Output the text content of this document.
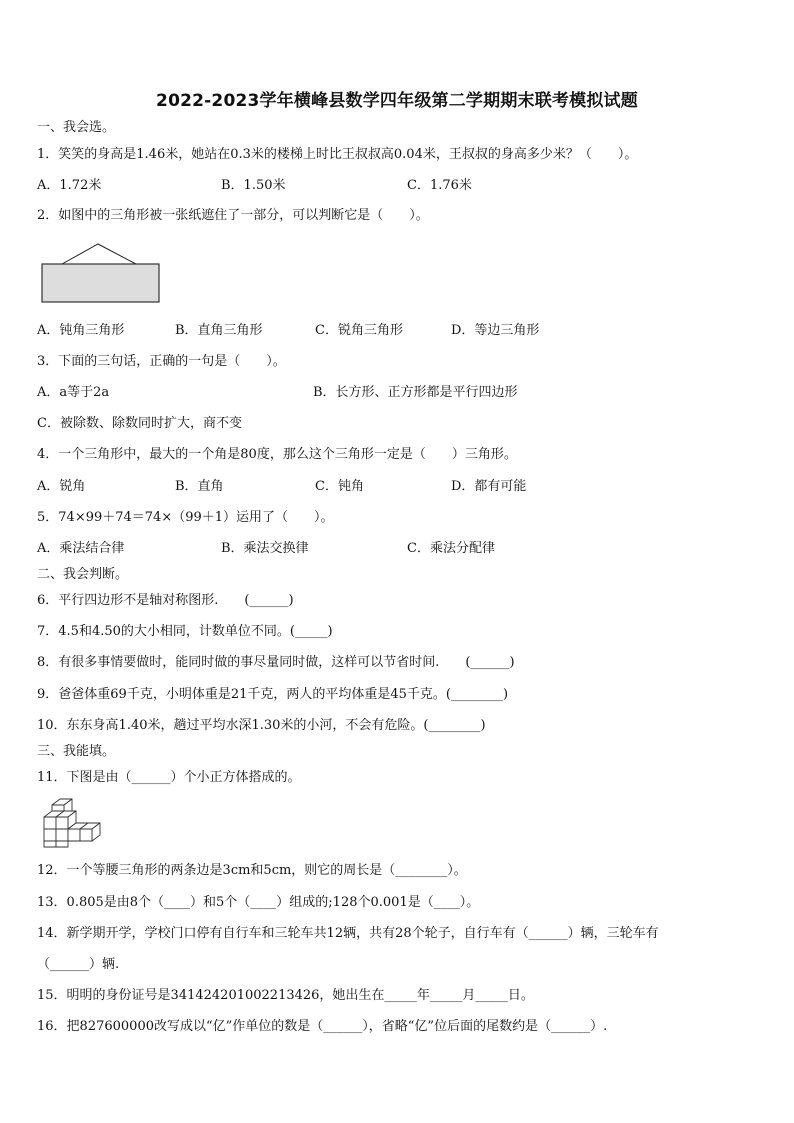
2022-2023学年横峰县数学四年级第二学期期末联考模拟试题
一、我会选。
1．笑笑的身高是1.46米，她站在0.3米的楼梯上时比王叔叔高0.04米，王叔叔的身高多少米？（　　）。
A．1.72米	B．1.50米	C．1.76米
2．如图中的三角形被一张纸遮住了一部分，可以判断它是（　　）。
A．钝角三角形	B．直角三角形	C．锐角三角形	D．等边三角形
3．下面的三句话，正确的一句是（　　）。
A．a等于2a	B．长方形、正方形都是平行四边形
C．被除数、除数同时扩大，商不变
4．一个三角形中，最大的一个角是80度，那么这个三角形一定是（　　）三角形。
A．锐角	B．直角	C．钝角	D．都有可能
5．74×99＋74＝74×（99＋1）运用了（　　）。
A．乘法结合律	B．乘法交换律	C．乘法分配律
二、我会判断。
6．平行四边形不是轴对称图形.　　(______)
7．4.5和4.50的大小相同，计数单位不同。(_____)
8．有很多事情要做时，能同时做的事尽量同时做，这样可以节省时间.　　(______)
9．爸爸体重69千克，小明体重是21千克，两人的平均体重是45千克。(________)
10．东东身高1.40米，趟过平均水深1.30米的小河，不会有危险。(________)
三、我能填。
11．下图是由（______）个小正方体搭成的。
12．一个等腰三角形的两条边是3cm和5cm，则它的周长是（________）。
13．0.805是由8个（____）和5个（____）组成的;128个0.001是（____）。
14．新学期开学，学校门口停有自行车和三轮车共12辆，共有28个轮子，自行车有（______）辆，三轮车有
（______）辆.
15．明明的身份证号是341424201002213426，她出生在_____年_____月_____日。
16．把827600000改写成以“亿”作单位的数是（______），省略“亿”位后面的尾数约是（______）.
